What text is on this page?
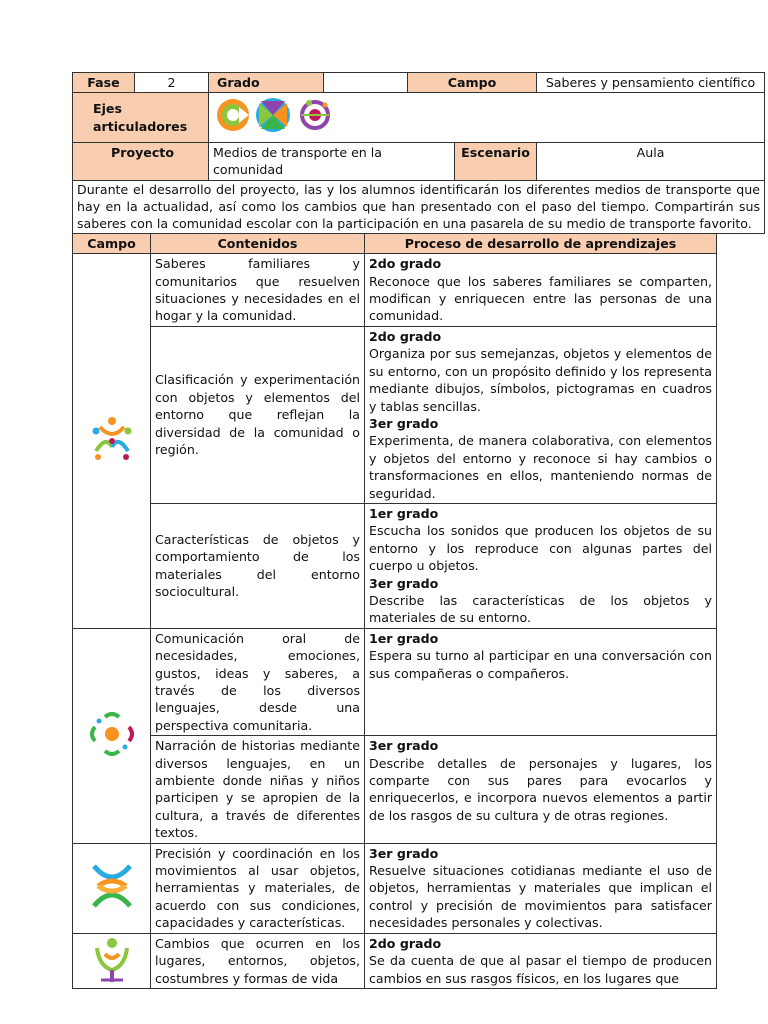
Fase	2	Grado		Campo		Saberes y pensamiento científico
Ejes articuladores	
Proyecto		Medios de transporte en la comunidad			Escenario	Aula
Durante el desarrollo del proyecto, las y los alumnos identificarán los diferentes medios de transporte que hay en la actualidad, así como los cambios que han presentado con el paso del tiempo. Compartirán sus saberes con la comunidad escolar con la participación en una pasarela de su medio de transporte favorito.						
Campo	Contenidos	Proceso de desarrollo de aprendizajes
	Saberes familiares y comunitarios que resuelven situaciones y necesidades en el hogar y la comunidad.	2do grado
Reconoce que los saberes familiares se comparten, modifican y enriquecen entre las personas de una comunidad.
	Clasificación y experimentación con objetos y elementos del entorno que reflejan la diversidad de la comunidad o región.	2do grado
Organiza por sus semejanzas, objetos y elementos de su entorno, con un propósito definido y los representa mediante dibujos, símbolos, pictogramas en cuadros y tablas sencillas.
3er grado
Experimenta, de manera colaborativa, con elementos y objetos del entorno y reconoce si hay cambios o transformaciones en ellos, manteniendo normas de seguridad.
	Características de objetos y comportamiento de los materiales del entorno sociocultural.	1er grado
Escucha los sonidos que producen los objetos de su entorno y los reproduce con algunas partes del cuerpo u objetos.
3er grado
Describe las características de los objetos y materiales de su entorno.
	Comunicación oral de necesidades, emociones, gustos, ideas y saberes, a través de los diversos lenguajes, desde una perspectiva comunitaria.	1er grado
Espera su turno al participar en una conversación con sus compañeras o compañeros.
	Narración de historias mediante diversos lenguajes, en un ambiente donde niñas y niños participen y se apropien de la cultura, a través de diferentes textos.	3er grado
Describe detalles de personajes y lugares, los comparte con sus pares para evocarlos y enriquecerlos, e incorpora nuevos elementos a partir de los rasgos de su cultura y de otras regiones.
	Precisión y coordinación en los movimientos al usar objetos, herramientas y materiales, de acuerdo con sus condiciones, capacidades y características.	3er grado
Resuelve situaciones cotidianas mediante el uso de objetos, herramientas y materiales que implican el control y precisión de movimientos para satisfacer necesidades personales y colectivas.

Cambios que ocurren en los lugares, entornos, objetos, costumbres y formas de vida	2do grado
Se da cuenta de que al pasar el tiempo de producen cambios en sus rasgos físicos, en los lugares que
